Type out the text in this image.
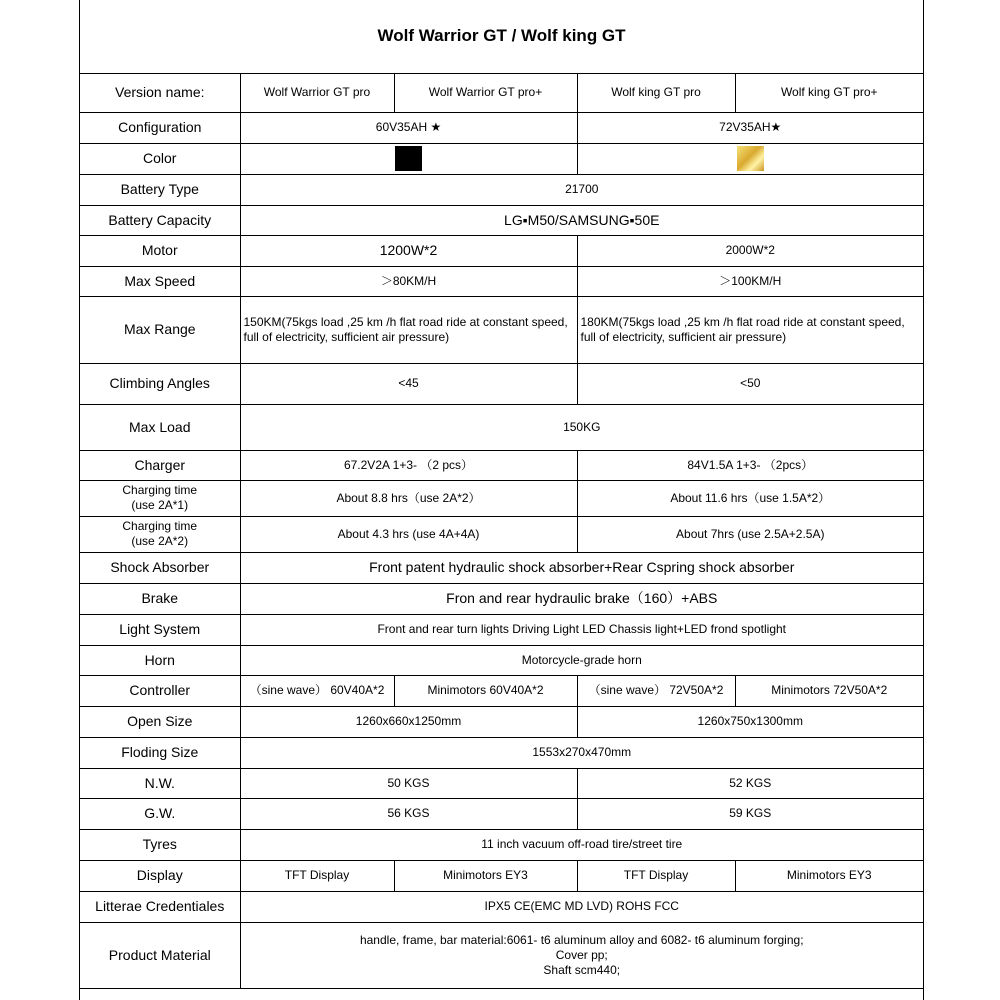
Wolf Warrior GT / Wolf king GT
Version name:	Wolf Warrior GT pro	Wolf Warrior GT pro+	Wolf king GT pro	Wolf king GT pro+
Configuration	60V35AH ★		72V35AH★	
Color				
Battery Type	21700			
Battery Capacity	LG▪M50/SAMSUNG▪50E			
Motor	1200W*2		2000W*2	
Max Speed	＞80KM/H		＞100KM/H	
Max Range	150KM(75kgs load ,25 km /h flat road ride at constant speed, full of electricity, sufficient air pressure)		180KM(75kgs load ,25 km /h flat road ride at constant speed, full of electricity, sufficient air pressure)	
Climbing Angles	<45		<50	
Max Load	150KG			
Charger	67.2V2A 1+3- （2 pcs）		84V1.5A 1+3- （2pcs）	

Charging time
(use 2A*1)	About 8.8 hrs（use 2A*2）		About 11.6 hrs（use 1.5A*2）	

Charging time
(use 2A*2)	About 4.3 hrs (use 4A+4A)		About 7hrs (use 2.5A+2.5A)	
Shock Absorber	Front patent hydraulic shock absorber+Rear Cspring shock absorber			
Brake	Fron and rear hydraulic brake（160）+ABS			
Light System	Front and rear turn lights Driving Light LED Chassis light+LED frond spotlight			
Horn	Motorcycle-grade horn			
Controller	（sine wave） 60V40A*2	Minimotors 60V40A*2	（sine wave） 72V50A*2	Minimotors 72V50A*2
Open Size	1260x660x1250mm		1260x750x1300mm	
Floding Size	1553x270x470mm			
N.W.	50 KGS		52 KGS	
G.W.	56 KGS		59 KGS	
Tyres	11 inch vacuum off-road tire/street tire			
Display	TFT Display	Minimotors EY3	TFT Display	Minimotors EY3
Litterae Credentiales	IPX5 CE(EMC MD LVD) ROHS FCC			
Product Material	handle, frame, bar material:6061- t6 aluminum alloy and 6082- t6 aluminum forging;
Cover pp;
Shaft scm440;			
